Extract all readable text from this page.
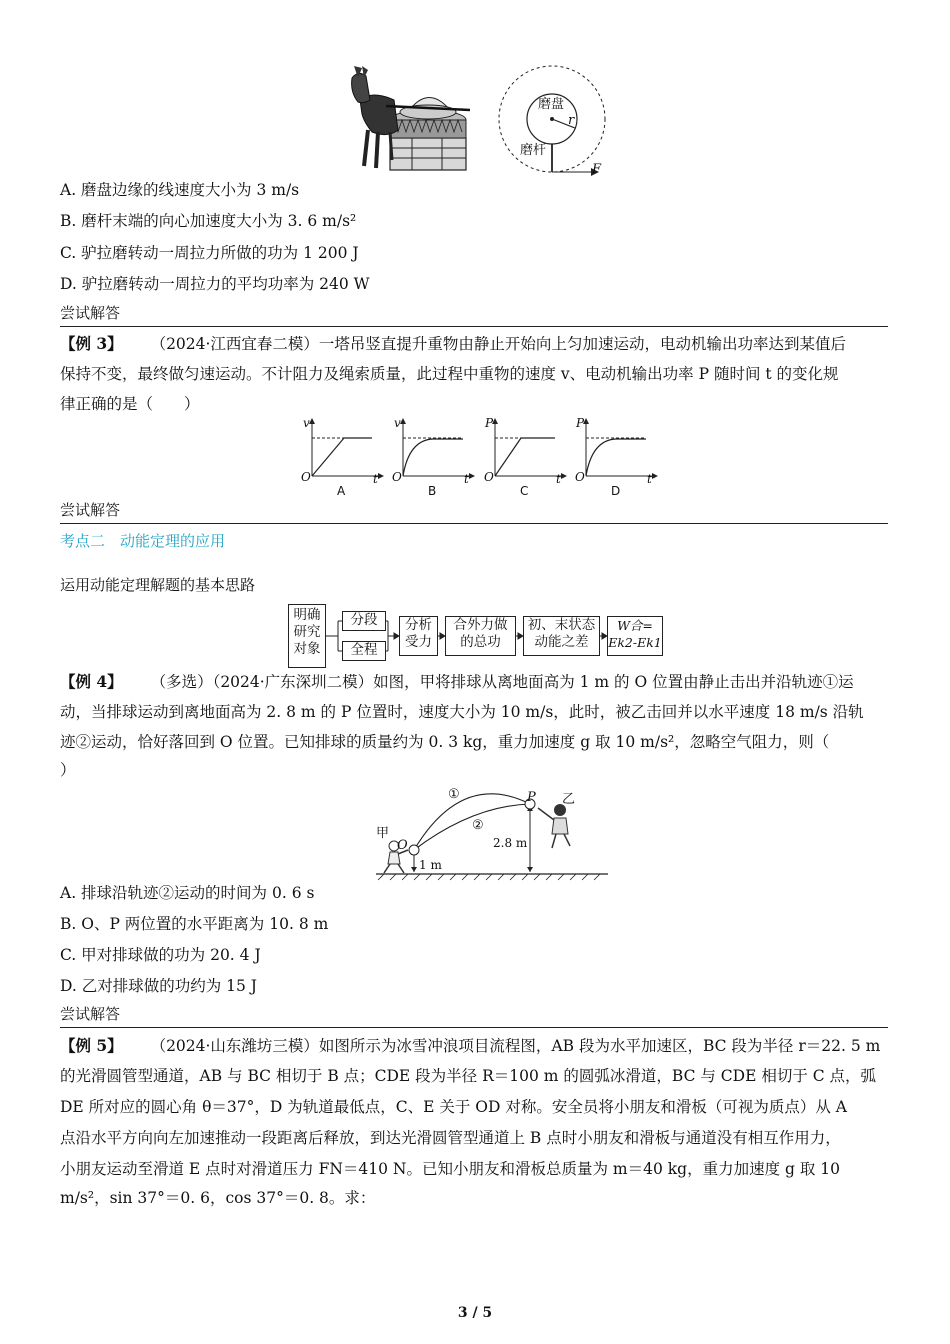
磨盘
r
磨杆
F
A. 磨盘边缘的线速度大小为 3 m/s
B. 磨杆末端的向心加速度大小为 3. 6 m/s²
C. 驴拉磨转动一周拉力所做的功为 1 200 J
D. 驴拉磨转动一周拉力的平均功率为 240 W
尝试解答
【例 3】 （2024·江西宜春二模）一塔吊竖直提升重物由静止开始向上匀加速运动，电动机输出功率达到某值后
保持不变，最终做匀速运动。不计阻力及绳索质量，此过程中重物的速度 v、电动机输出功率 P 随时间 t 的变化规
律正确的是（　　）
v
O	t
A
v
O	t
B
P
O	t
C
P
O	t
D
尝试解答
考点二　动能定理的应用
运用动能定理解题的基本思路
明确
研究
对象
分段
全程
分析
受力
合外力做
的总功
初、末状态
动能之差
W合=
Ek2-Ek1
【例 4】 （多选）（2024·广东深圳二模）如图，甲将排球从离地面高为 1 m 的 O 位置由静止击出并沿轨迹①运
动，当排球运动到离地面高为 2. 8 m 的 P 位置时，速度大小为 10 m/s，此时，被乙击回并以水平速度 18 m/s 沿轨
迹②运动，恰好落回到 O 位置。已知排球的质量约为 0. 3 kg，重力加速度 g 取 10 m/s²，忽略空气阻力，则（
）
甲
乙
O
P
①
②
1 m
2.8 m
A. 排球沿轨迹②运动的时间为 0. 6 s
B. O、P 两位置的水平距离为 10. 8 m
C. 甲对排球做的功为 20. 4 J
D. 乙对排球做的功约为 15 J
尝试解答
【例 5】 （2024·山东潍坊三模）如图所示为冰雪冲浪项目流程图，AB 段为水平加速区，BC 段为半径 r＝22. 5 m
的光滑圆管型通道，AB 与 BC 相切于 B 点；CDE 段为半径 R＝100 m 的圆弧冰滑道，BC 与 CDE 相切于 C 点，弧
DE 所对应的圆心角 θ＝37°，D 为轨道最低点，C、E 关于 OD 对称。安全员将小朋友和滑板（可视为质点）从 A
点沿水平方向向左加速推动一段距离后释放，到达光滑圆管型通道上 B 点时小朋友和滑板与通道没有相互作用力，
小朋友运动至滑道 E 点时对滑道压力 FN＝410 N。已知小朋友和滑板总质量为 m＝40 kg，重力加速度 g 取 10
m/s²，sin 37°＝0. 6，cos 37°＝0. 8。求：
3 / 5
